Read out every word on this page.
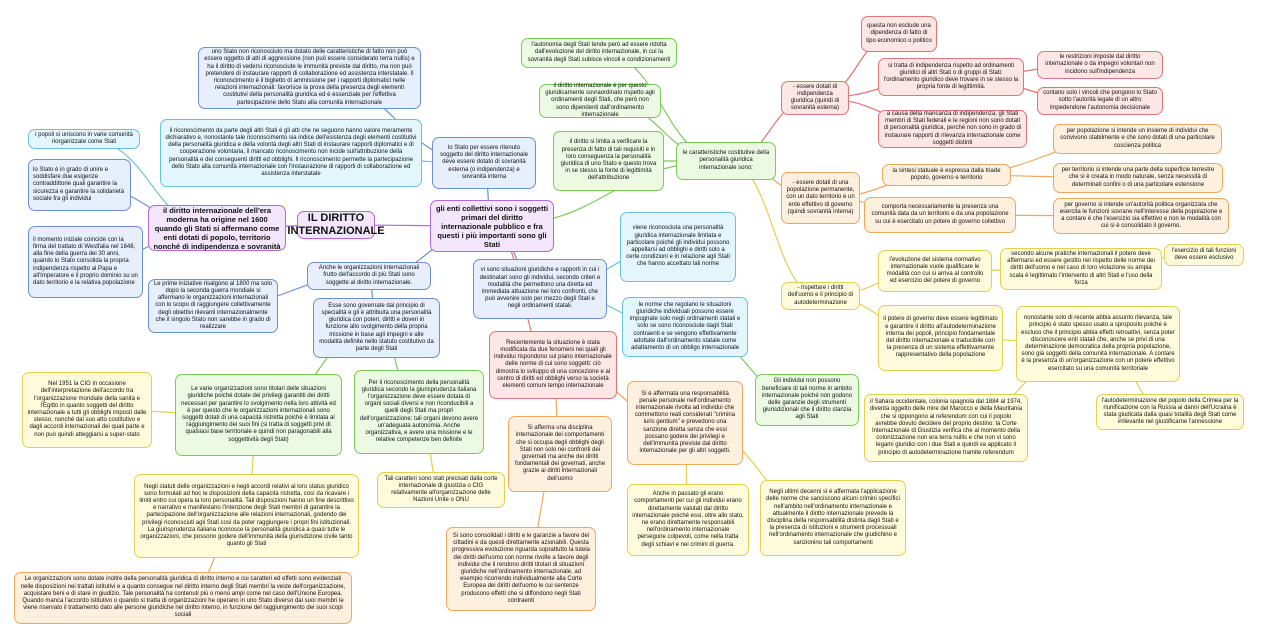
IL DIRITTO INTERNAZIONALE
il diritto internazionale dell'era moderna ha origine nel 1600 quando gli Stati si affermano come enti dotati di popolo, territorio nonché di indipendenza e sovranità
i popoli si uniscono in varie comunità riorganizzate come Stati
lo Stato è in grado di unire e soddisfare due esigenze contraddittorie quali garantire la sicurezza e garantire la solidarietà sociale fra gli individui
il momento iniziale coincide con la firma del trattato di Westfalia nel 1648, alla fine della guerra dei 30 anni, quando lo Stato consolida la propria indipendenza rispetto al Papa e all'Imperatore e il proprio dominio su un dato territorio e la relativa popolazione
gli enti collettivi sono i soggetti primari del diritto internazionale pubblico e fra questi i più importanti sono gli Stati
lo Stato per essere ritenuto soggetto del diritto internazionale deve essere dotato di sovranità esterna (o indipendenza) e sovranità interna
uno Stato non riconosciuto ma dotato delle caratteristiche di fatto non può essere oggetto di atti di aggressione (non può essere considerato terra nullis) e ha il diritto di vedersi riconosciute le immunità previste dal diritto, ma non può pretendere di instaurare rapporti di collaborazione ed assistenza interstatale. Il riconoscimento è il biglietto di ammissione per i rapporti diplomatici nelle relazioni internazionali: favorisce la prova della presenza degli elementi costitutivi della personalità giuridica ed è essenziale per l'effettiva partecipazione dello Stato alla comunità internazionale
il riconoscimento da parte degli altri Stati è gli atti che ne seguono hanno valore meramente dichiarativo e, nonostante tale riconoscimento sia indice dell'esistenza degli elementi costitutivi della personalità giuridica e della volontà degli altri Stati di instaurare rapporti diplomatici e di cooperazione volontaria, il mancato riconoscimento non incide sull'attribuzione della personalità e dei conseguenti diritti ed obblighi. Il riconoscimento permette la partecipazione dello Stato alla comunità internazionale con l'instaurazione di rapporti di collaborazione ed assistenza interstatale
l'autonomia degli Stati tende però ad essere ridotta dall'evoluzione del diritto internazionale, in cui la sovranità degli Stati subisce vincoli e condizionamenti
il diritto internazionale è per questo giuridicamente sovraordinato rispetto agli ordinamenti degli Stati, che però non sono dipendenti dall'ordinamento internazionale
il diritto si limita a verificare la presenza di fatto di tali requisiti e in loro conseguenza la personalità giuridica di uno Stato e questo trova in se stesso la fonte di legittimità dell'attribuzione
le caratteristiche costitutive della personalità giuridica internazionale sono:
- essere dotati di indipendenza giuridica (quindi di sovranità esterna)
questa non esclude una dipendenza di fatto di tipo economico o politico
si tratta di indipendenza rispetto ad ordinamenti giuridici di altri Stati o di gruppi di Stati: l'ordinamento giuridico deve trovare in se stesso la propria fonte di legittimità.
le restrizioni imposte dal diritto internazionale o da impegni volontari non incidono sull'indipendenza
contano solo i vincoli che pongono lo Stato sotto l'autorità legale di un altro impedendone l'autonomia decisionale
a causa della mancanza di indipendenza, gli Stati membri di Stati federali e le regioni non sono dotati di personalità giuridica, perché non sono in grado di instaurare rapporti di rilevanza internazionale come soggetti distinti
- essere dotati di una popolazione permanente, con un dato territorio e un ente effettivo di governo (quindi sovranità interna)
la sintesi statuale è espressa dalla triade popolo, governo e territorio
per popolazione si intende un insieme di individui che convivono stabilmente e che sono dotati di una particolare coscienza politica
per territorio si intende una parte della superficie terrestre che si è creata in modo naturale, senza necessità di determinati confini o di una particolare estensione
comporta necessariamente la presenza una comunità data da un territorio e da una popolazione su cui è esercitato un potere di governo collettivo
per governo si intende un'autorità politica organizzata che esercita le funzioni sovrane nell'interesse della popolazione e a contare è che l'esercizio sia effettivo e non le modalità con cui si è consolidato il governo.
- rispettare i diritti dell'uomo e il principio di autodeterminazione
l'evoluzione del sistema normativo internazionale vuole qualificare le modalità con cui si arriva al controllo ed esercizio del potere di governo
secondo alcune pratiche internazionali il potere deve affermarsi ed essere gestito nel rispetto delle norme dei diritti dell'uomo e nel caso di loro violazione su ampia scala è legittimato l'intervento di altri Stati e l'uso della forza
l'esercizio di tali funzioni deve essere esclusivo
il potere di governo deve essere legittimato e garantire il diritto all'autodeterminazione interna dei popoli, principio fondamentale del diritto internazionale e traducibile con la presenza di un sistema effettivamente rappresentativo della popolazione
nonostante solo di recente abbia assunto rilevanza, tale principio è stato spesso usato a sproposito poiché è escluso che il principio abbia effetti retroattivi, senza poter disconoscere enti statali che, anche se privi di una determinazione democratica della propria popolazione, sono già soggetti della comunità internazionale. A contare è la presenza di un'organizzazione con un potere effettivo esercitato su una comunità territoriale
il Sahara occidentale, colonia spagnola dal 1884 al 1974, diventa oggetto delle mire del Marocco e della Mauritania che si oppongono al referendum con cui il popolo avrebbe dovuto decidere del proprio destino: la Corte Internazionale di Giustizia verifica che al momento della colonizzazione non era terra nullis e che non vi sono legami giuridici con i due Stati e quindi va applicato il principio di autodeterminazione tramite referendum
l'autodeterminazione del popolo della Crimea per la riunificazione con la Russia ai danni dell'Ucraina è stata giudicata dalla quasi totalità degli Stati come irrilevante nel giustificarne l'annessione
Anche le organizzazioni internazionali frutto dell'accordo di più Stati sono soggette al diritto internazionale.
Le prime iniziative risalgono al 1800 ma solo dopo la seconda guerra mondiale si affermano le organizzazioni internazionali con lo scopo di raggiungere collettivamente degli obiettivi rilevanti internazionalmente che il singolo Stato non sarebbe in grado di realizzare
Esse sono governate dal principio di specialità e gli è attribuita una personalità giuridica con poteri, diritti e doveri in funzione allo svolgimento della propria missione in base agli impegni e alle modalità definite nello statuto costitutivo da parte degli Stati
Le varie organizzazioni sono titolari delle situazioni giuridiche poiché dotate dei privilegi garantiti dei diritti necessari per garantire lo svolgimento nella loro attività ed è per questo che le organizzazioni internazionali sono soggetti dotati di una capacità ristretta poiché è limitata al raggiungimento dei suoi fini (si tratta di soggetti privi di qualsiasi base territoriale e quindi non paragonabili alla soggettività degli Stati)
Nel 1951 la CIG in occasione dell'interpretazione dell'accordo tra l'organizzazione mondiale della sanità e l'Egitto in quanto soggetti del diritto internazionale a tutti gli obblighi imposti dalle stesso, nonché dal suo atto costitutivo e dagli accordi internazionali dei quali parte e non può quindi atteggiarsi a super-stato
Negli statuti delle organizzazioni e negli accordi relativi al loro status giuridico sono formulati ad hoc le disposizioni della capacità ristretta, così da ricavare i limiti entro cui opera la loro personalità. Tali disposizioni hanno un fine descrittivo e narrativo e manifestano l'intenzione degli Stati membri di garantire la partecipazione dell'organizzazione alle relazioni internazionali, godendo dei privilegi riconosciuti agli Stati così da poter raggiungere i propri fini istituzionali. La giurisprudenza italiana riconosce la personalità giuridica a quasi tutte le organizzazioni, che possono godere dell'immunità della giurisdizione civile tanto quanto gli Stati
Le organizzazioni sono dotate inoltre della personalità giuridica di diritto interno e cui caratteri ed effetti sono evidenziati nelle disposizioni nei trattati istitutivi e a quanto consegue nel diritto interno degli Stati membri la veste dell'organizzazione, acquistare beni e di stare in giudizio. Tale personalità ha contenuti più o meno ampi come nel caso dell'Unione Europea. Quando manca l'accordo istitutivo o quando si tratta di organizzazioni he operano in uno Stato diverso dai suoi membri le viene riservato il trattamento dato alle persone giuridiche nel diritto interno, in funzione del raggiungimento dei suoi scopi sociali
Per il riconoscimento della personalità giuridica secondo la giurisprudenza italiana l'organizzazione deve essere dotata di organi sociali diversi e non riconducibili a quelli degli Stati ma propri dell'organizzazione: tali organi devono avere un'adeguata autonomia. Anche organizzativa, e avere una missione e le relative competenze ben definite
Tali caratteri sono stati precisati dalla corte internazionale di giustizia o CIG relativamente all'organizzazione delle Nazioni Unite o ONU
vi sono situazioni giuridiche e rapporti in cui i destinatari sono gli individui, secondo criteri e modalità che permettono una diretta ed immediata attuazione nei loro confronti, che può avvenire solo per mezzo degli Stati e negli ordinamenti statali.
viene riconosciuta una personalità giuridica internazionale limitata e particolare poiché gli individui possono appellarsi ad obblighi e diritti solo a certe condizioni e in relazione agli Stati che hanno accettato tali norme
le norme che regolano le situazioni giuridiche individuali possono essere impugnate solo negli ordinamenti statali e solo se sono riconosciute dagli Stati contraenti e se vengono effettivamente adottate dall'ordinamento statale come adattamento di un obbligo internazionale
Gli individui non possono beneficiare di tali norme in ambito internazionale poiché non godono delle garanzie degli strumenti giurisdizionali che il diritto stanzia agli Stati
Recentemente la situazione è stata modificata da due fenomeni nei quali gli individui rispondono sul piano internazionale delle norme di cui sono soggetti: ciò dimostra lo sviluppo di una concezione e al centro di diritti ed obblighi verso la società elementi comuni tempo internazionale
Si afferma una disciplina internazionale dei comportamenti che si occupa degli obblighi degli Stati non solo nei confronti dei governati ma anche dei diritti fondamentali dei governati, anche grazie ai diritti internazionali dell'uomo
Si sono consolidati i diritti e le garanzie a favore dei cittadini e da questi direttamente azionabili. Questa progressiva evoluzione riguarda soprattutto la tutela dei diritti dell'uomo con norme rivolte a favore degli individui che li rendono diritti titolari di situazioni giuridiche nell'ordinamento internazionale, ad esempio ricorrendo individualmente alla Corte Europea dei diritti dell'uomo le cui sentenze producono effetti che si diffondono negli Stati contraenti
Si è affermata una responsabilità penale personale nell'ordinamento internazionale rivolta ad individui che commettono reati considerati "crimina iuris gentium" e prevedono una sanzione diretta senza che essi possano godere dei privilegi e dell'immunità previste dal diritto internazionale per gli altri soggetti.
Anche in passato gli erano comportamenti per cui gli individui erano direttamente valutati dal diritto internazionale poiché essi, oltre allo stato, ne erano direttamente responsabili nell'ordinamento internazionale perseguire colpevoli, come nella tratta degli schiavi e nei crimini di guerra.
Negli ultimi decenni si è affermata l'applicazione delle norme che sanciscono alcuni crimini specifici nell'ambito nell'ordinamento internazionale e attualmente il diritto internazionale prevede la disciplina della responsabilità distinta dagli Stati e la presenza di istituzioni e strumenti processuali nell'ordinamento internazionale che giudichino e sanzionino tali comportamenti
